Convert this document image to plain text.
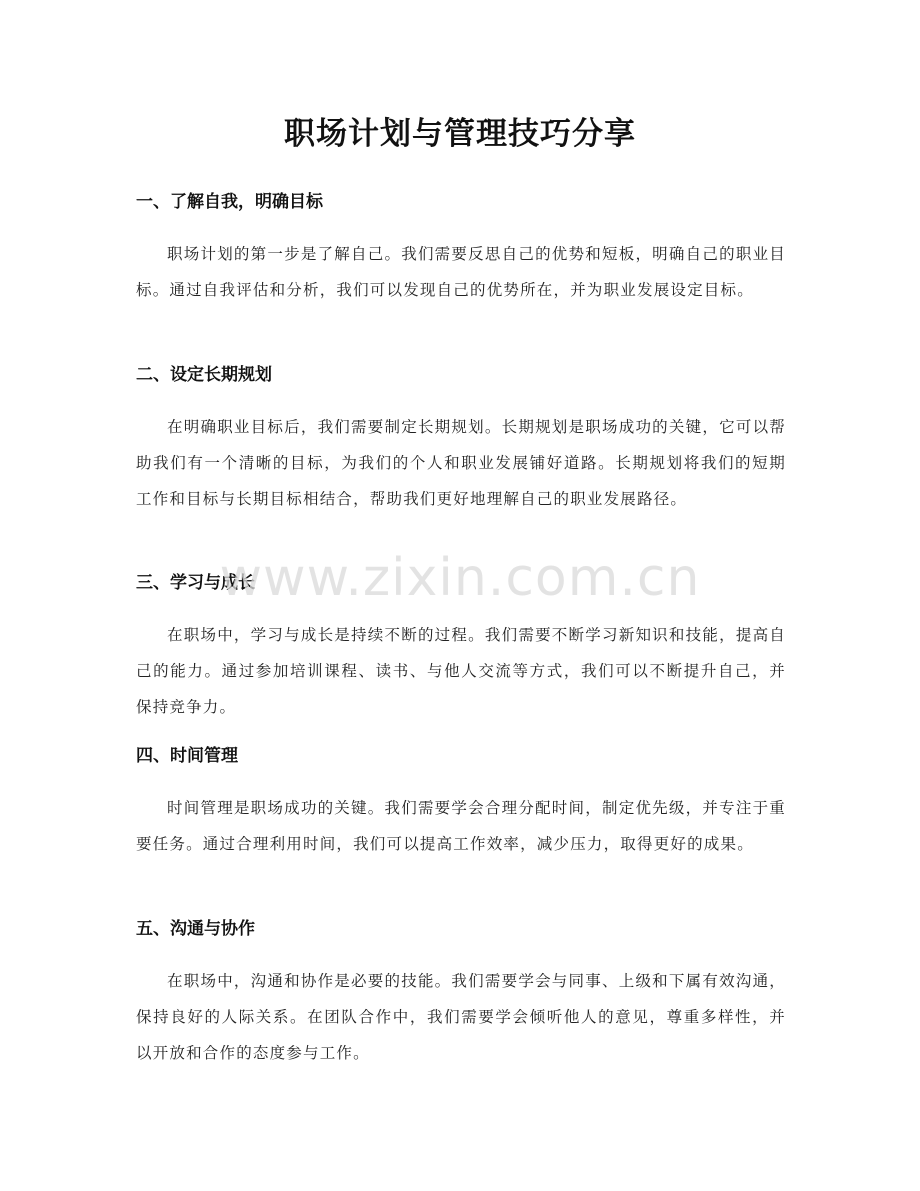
职场计划与管理技巧分享
一、了解自我，明确目标

职场计划的第一步是了解自己。我们需要反思自己的优势和短板，明确自己的职业目标。通过自我评估和分析，我们可以发现自己的优势所在，并为职业发展设定目标。

二、设定长期规划

在明确职业目标后，我们需要制定长期规划。长期规划是职场成功的关键，它可以帮助我们有一个清晰的目标，为我们的个人和职业发展铺好道路。长期规划将我们的短期工作和目标与长期目标相结合，帮助我们更好地理解自己的职业发展路径。

三、学习与成长

在职场中，学习与成长是持续不断的过程。我们需要不断学习新知识和技能，提高自己的能力。通过参加培训课程、读书、与他人交流等方式，我们可以不断提升自己，并保持竞争力。

四、时间管理

时间管理是职场成功的关键。我们需要学会合理分配时间，制定优先级，并专注于重要任务。通过合理利用时间，我们可以提高工作效率，减少压力，取得更好的成果。

五、沟通与协作

在职场中，沟通和协作是必要的技能。我们需要学会与同事、上级和下属有效沟通，保持良好的人际关系。在团队合作中，我们需要学会倾听他人的意见，尊重多样性，并以开放和合作的态度参与工作。

www.zixin.com.cn
